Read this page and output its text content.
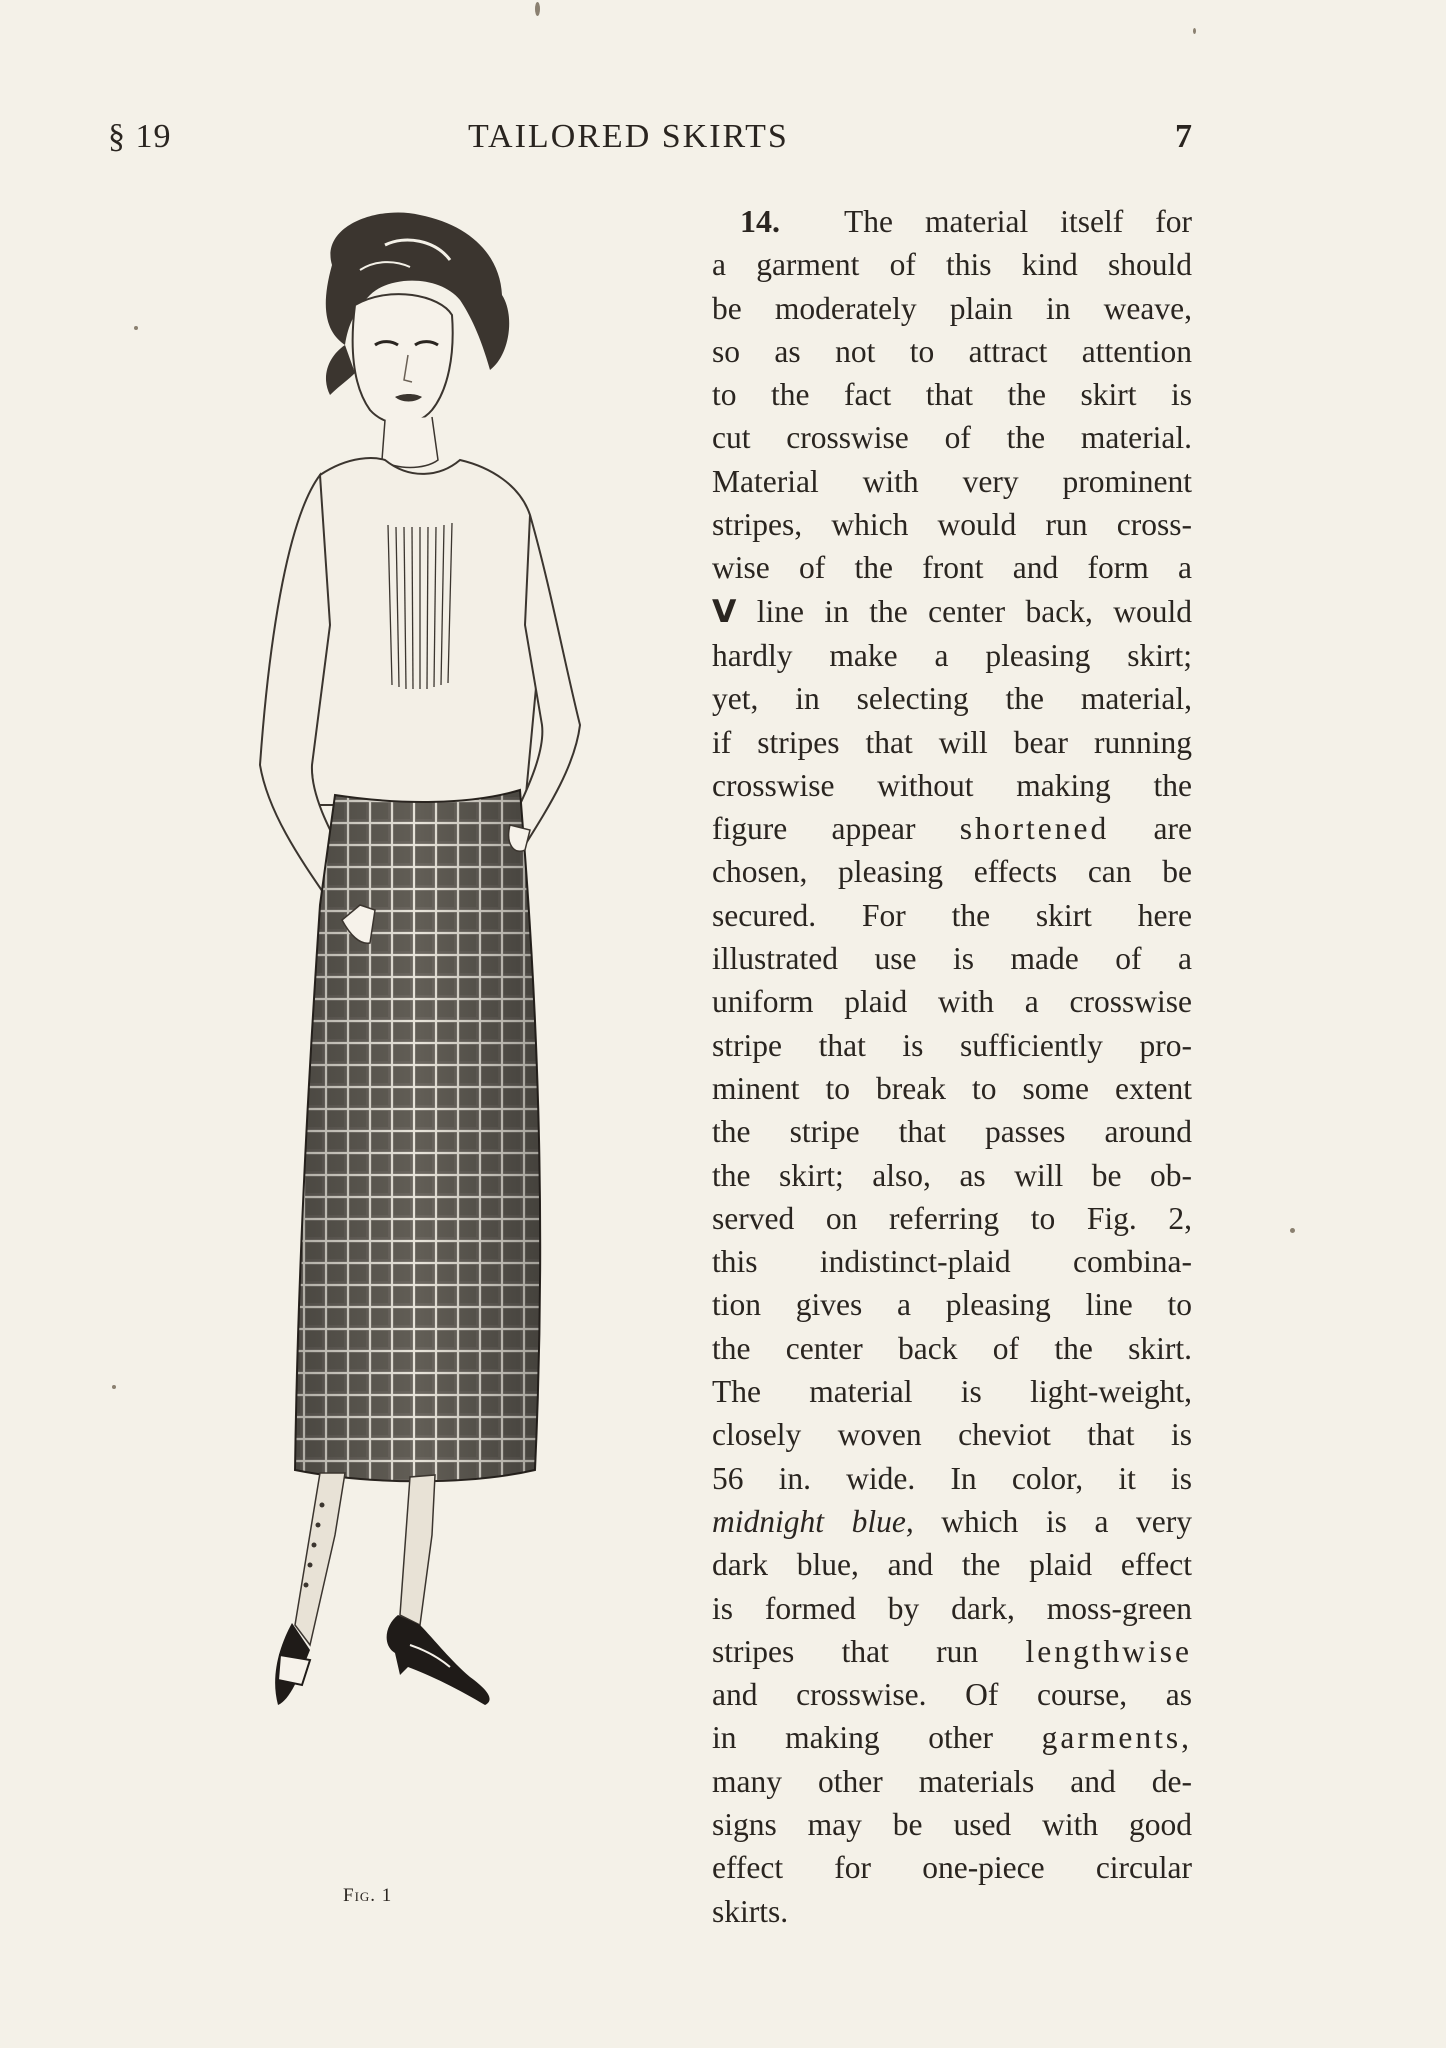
§ 19	TAILORED SKIRTS	7
Fig. 1
14. The material itself for
a garment of this kind should
be moderately plain in weave,
so as not to attract attention
to the fact that the skirt is
cut crosswise of the material.
Material with very prominent
stripes, which would run cross-
wise of the front and form a
V line in the center back, would
hardly make a pleasing skirt;
yet, in selecting the material,
if stripes that will bear running
crosswise without making the
figure appear shortened are
chosen, pleasing effects can be
secured. For the skirt here
illustrated use is made of a
uniform plaid with a crosswise
stripe that is sufficiently pro-
minent to break to some extent
the stripe that passes around
the skirt; also, as will be ob-
served on referring to Fig. 2,
this indistinct-plaid combina-
tion gives a pleasing line to
the center back of the skirt.
The material is light-weight,
closely woven cheviot that is
56 in. wide. In color, it is
midnight blue, which is a very
dark blue, and the plaid effect
is formed by dark, moss-green
stripes that run lengthwise
and crosswise. Of course, as
in making other garments,
many other materials and de-
signs may be used with good
effect for one-piece circular
skirts.
